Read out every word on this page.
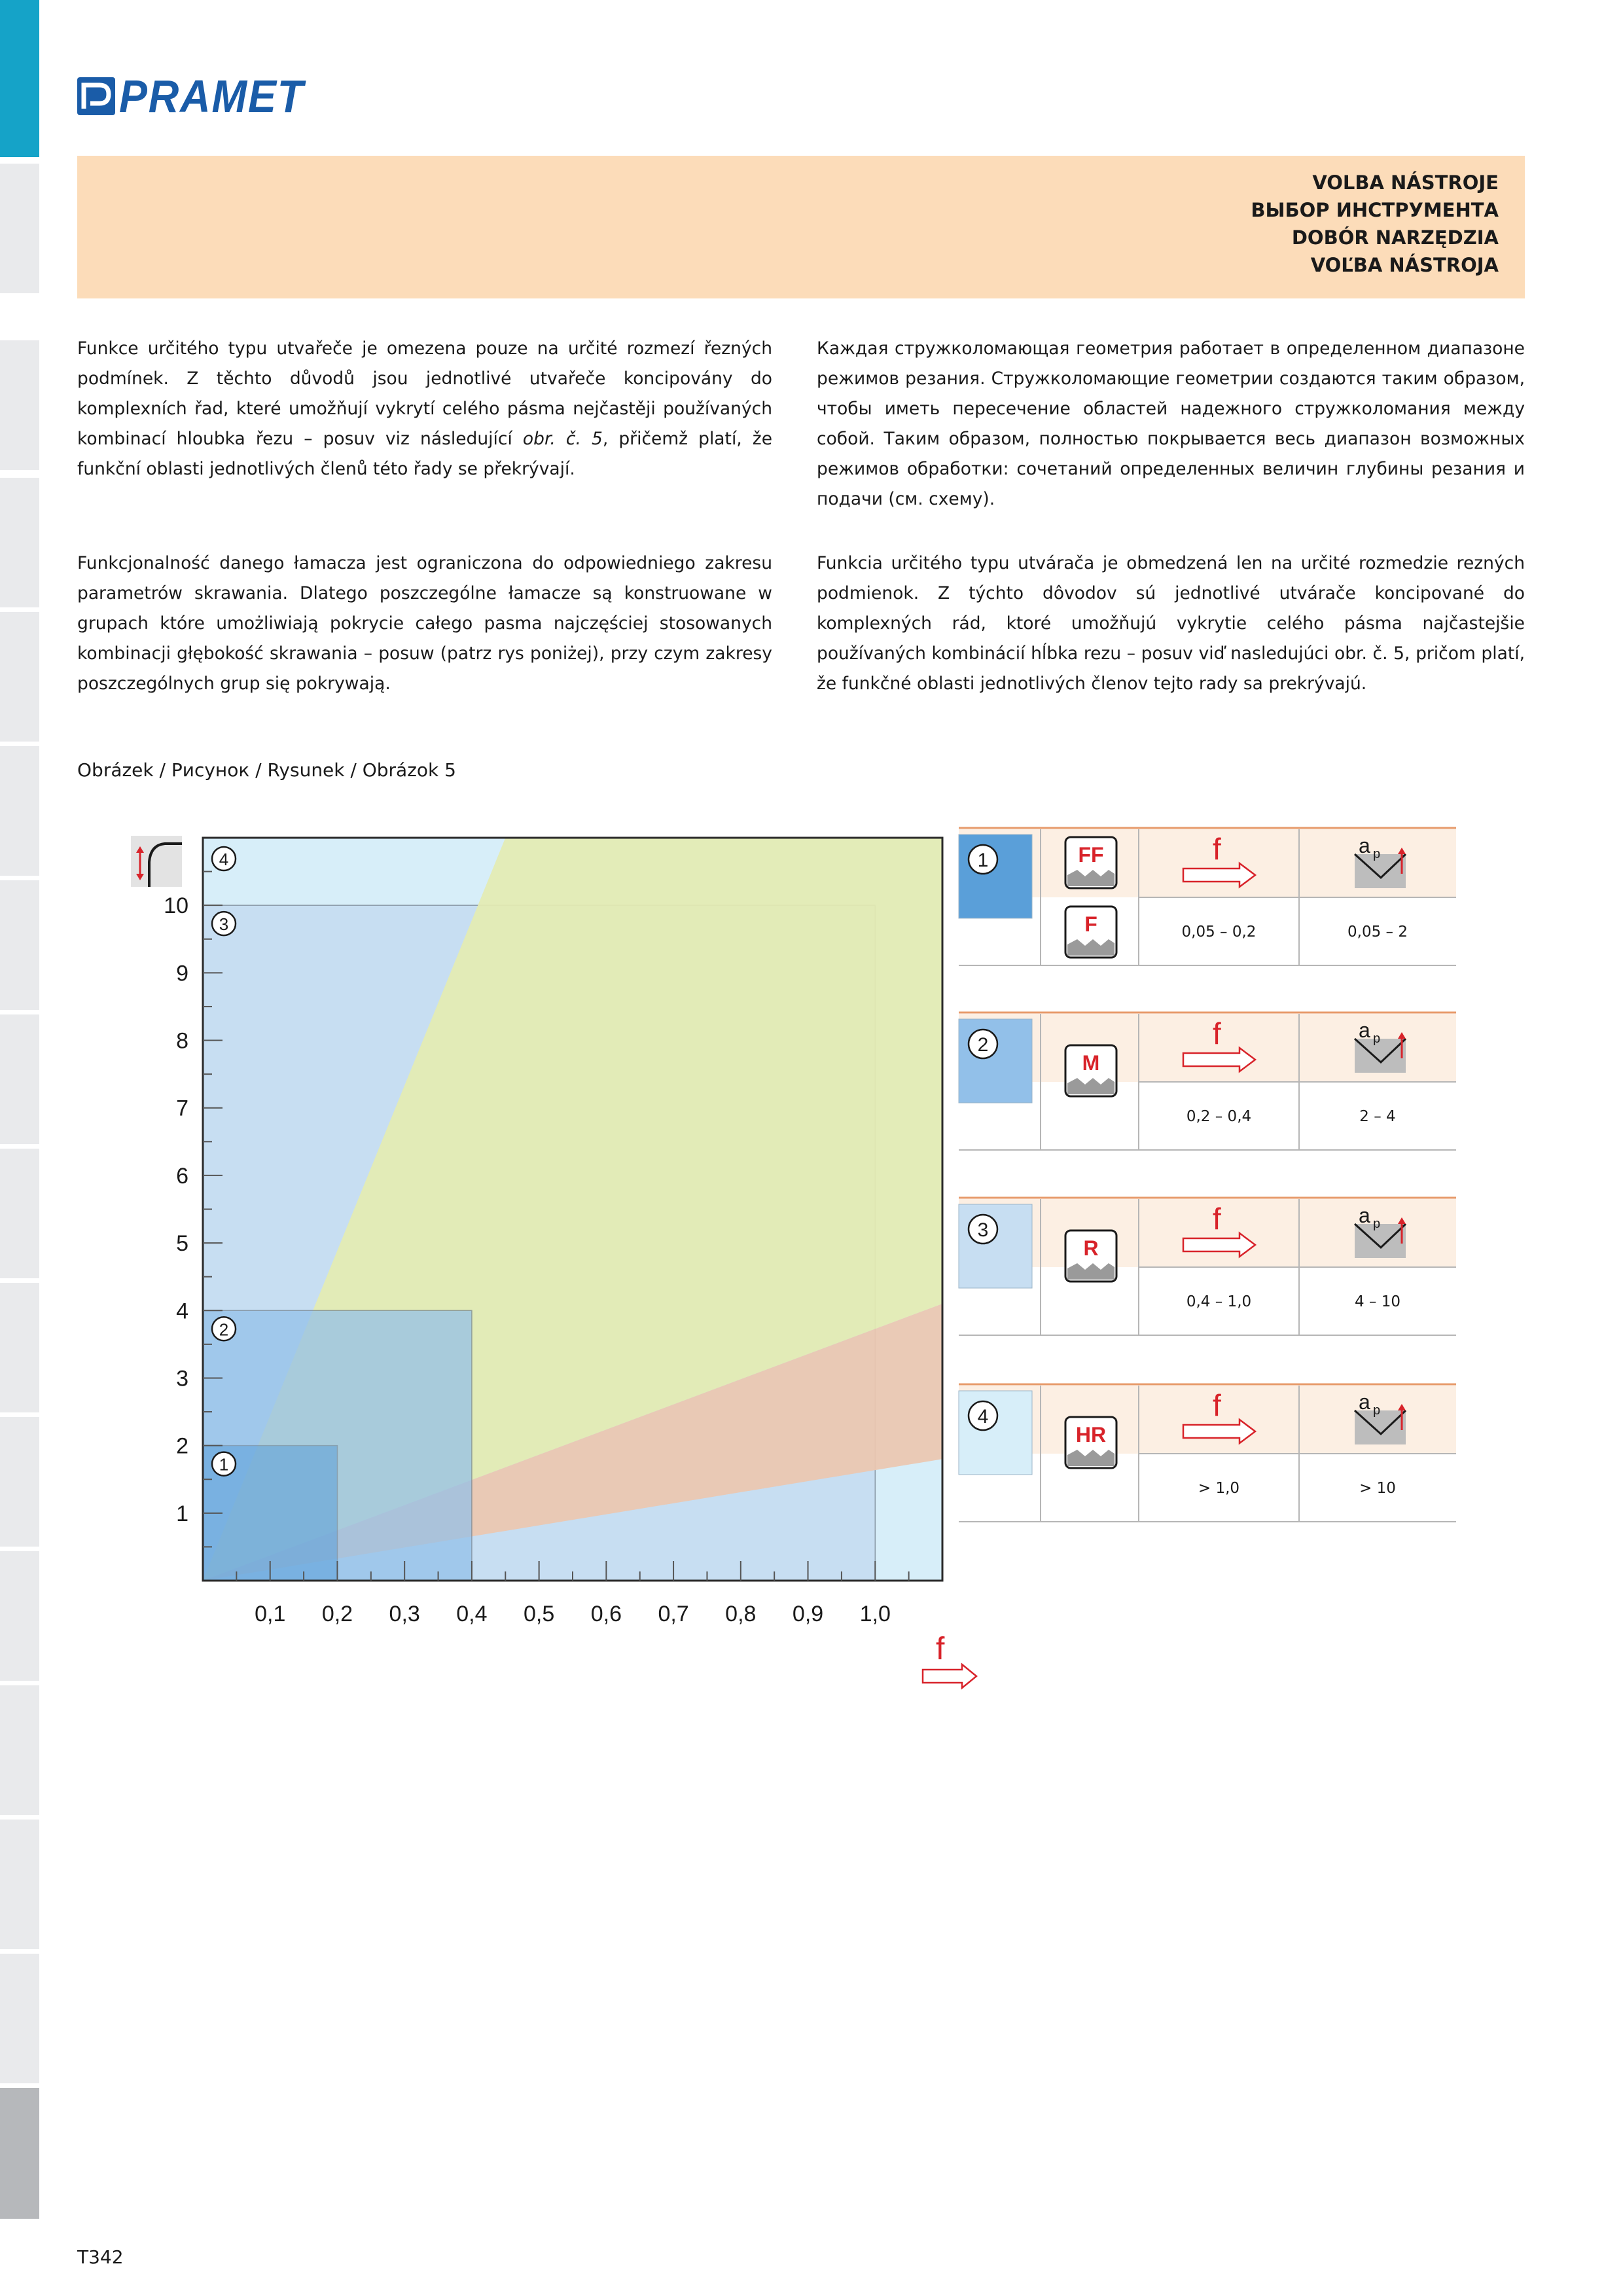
PRAMET
VOLBA NÁSTROJE
ВЫБОР ИНСТРУМЕНТА
DOBÓR NARZĘDZIA
VOĽBA NÁSTROJA
Funkce určitého typu utvařeče je omezena pouze na určité rozmezí řezných podmínek. Z těchto důvodů jsou jednotlivé utvařeče koncipovány do komplexních řad, které umožňují vykrytí celého pásma nejčastěji používaných kombinací hloubka řezu – posuv viz následující obr. č. 5, přičemž platí, že funkční oblasti jednotlivých členů této řady se překrývají.
Каждая стружколомающая геометрия работает в определенном диапазоне режимов резания. Стружколомающие геометрии создаются таким образом, чтобы иметь пересечение областей надежного стружколомания между собой. Таким образом, полностью покрывается весь диапазон возможных режимов обработки: сочетаний определенных величин глубины резания и подачи (см. схему).
Funkcjonalność danego łamacza jest ograniczona do odpowiedniego zakresu parametrów skrawania. Dlatego poszczególne łamacze są konstruowane w grupach które umożliwiają pokrycie całego pasma najczęściej stosowanych kombinacji głębokość skrawania – posuw (patrz rys poniżej), przy czym zakresy poszczególnych grup się pokrywają.
Funkcia určitého typu utvárača je obmedzená len na určité rozmedzie rezných podmienok. Z týchto dôvodov sú jednotlivé utvárače koncipované do komplexných rád, ktoré umožňujú vykrytie celého pásma najčastejšie používaných kombinácií hĺbka rezu – posuv viď nasledujúci obr. č. 5, pričom platí, že funkčné oblasti jednotlivých členov tejto rady sa prekrývajú.
Obrázek / Рисунок / Rysunek / Obrázok 5
1
2
3
4
5
6
7
8
9
10
0,1 0,2 0,3 0,4 0,5 0,6 0,7 0,8 0,9 1,0
4
3
2
1
f
1	FF
F
f	a p
0,05 – 0,2	0,05 – 2
2
M
f	a p
0,2 – 0,4	2 – 4
3
R
f	a p
0,4 – 1,0	4 – 10
4
HR
f	a p
> 1,0	> 10
T342
